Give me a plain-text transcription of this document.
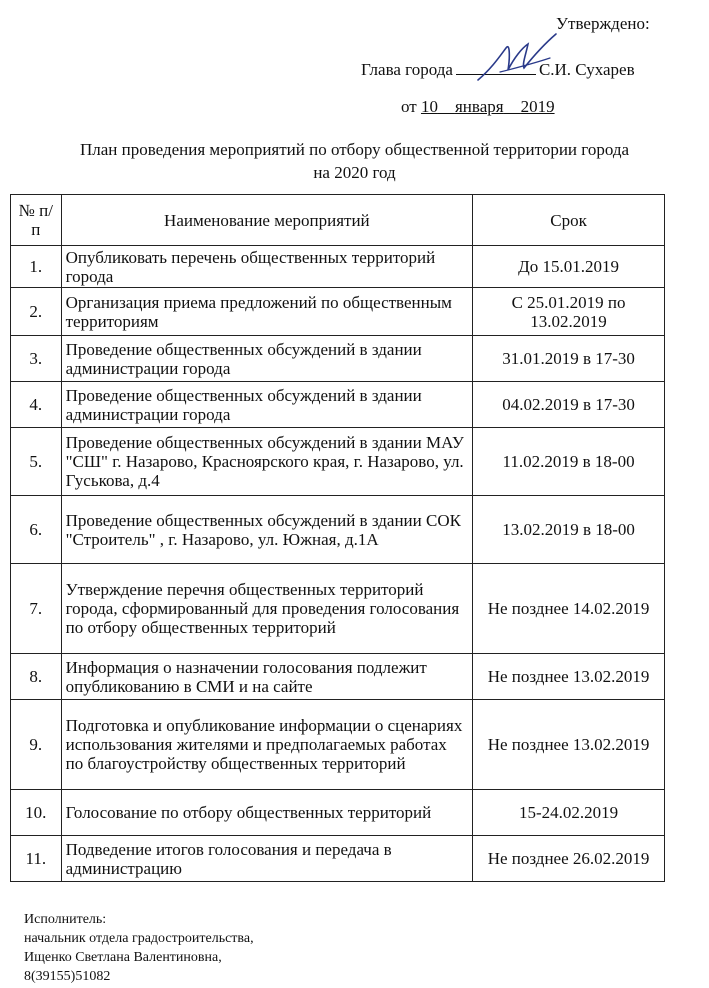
Утверждено:
Глава города	С.И. Сухарев
от 10 января 2019
План проведения мероприятий по отбору общественной территории города
на 2020 год
№ п/п	Наименование мероприятий	Срок
1.	Опубликовать перечень общественных территорий города	До 15.01.2019
2.	Организация приема предложений по общественным территориям	С 25.01.2019 по 13.02.2019
3.	Проведение общественных обсуждений в здании администрации города	31.01.2019 в 17-30
4.	Проведение общественных обсуждений в здании администрации города	04.02.2019 в 17-30
5.	Проведение общественных обсуждений в здании МАУ "СШ" г. Назарово, Красноярского края, г. Назарово, ул. Гуськова, д.4	11.02.2019 в 18-00
6.	Проведение общественных обсуждений в здании СОК "Строитель" , г. Назарово, ул. Южная, д.1А	13.02.2019 в 18-00
7.	Утверждение перечня общественных территорий города, сформированный для проведения голосования по отбору общественных территорий	Не позднее 14.02.2019
8.	Информация о назначении голосования подлежит опубликованию в СМИ и на сайте	Не позднее 13.02.2019
9.	Подготовка и опубликование информации о сценариях использования жителями и предполагаемых работах по благоустройству общественных территорий	Не позднее 13.02.2019
10.	Голосование по отбору общественных территорий	15-24.02.2019
11.	Подведение итогов голосования и передача в администрацию	Не позднее 26.02.2019
Исполнитель:
начальник отдела градостроительства,
Ищенко Светлана Валентиновна,
8(39155)51082
